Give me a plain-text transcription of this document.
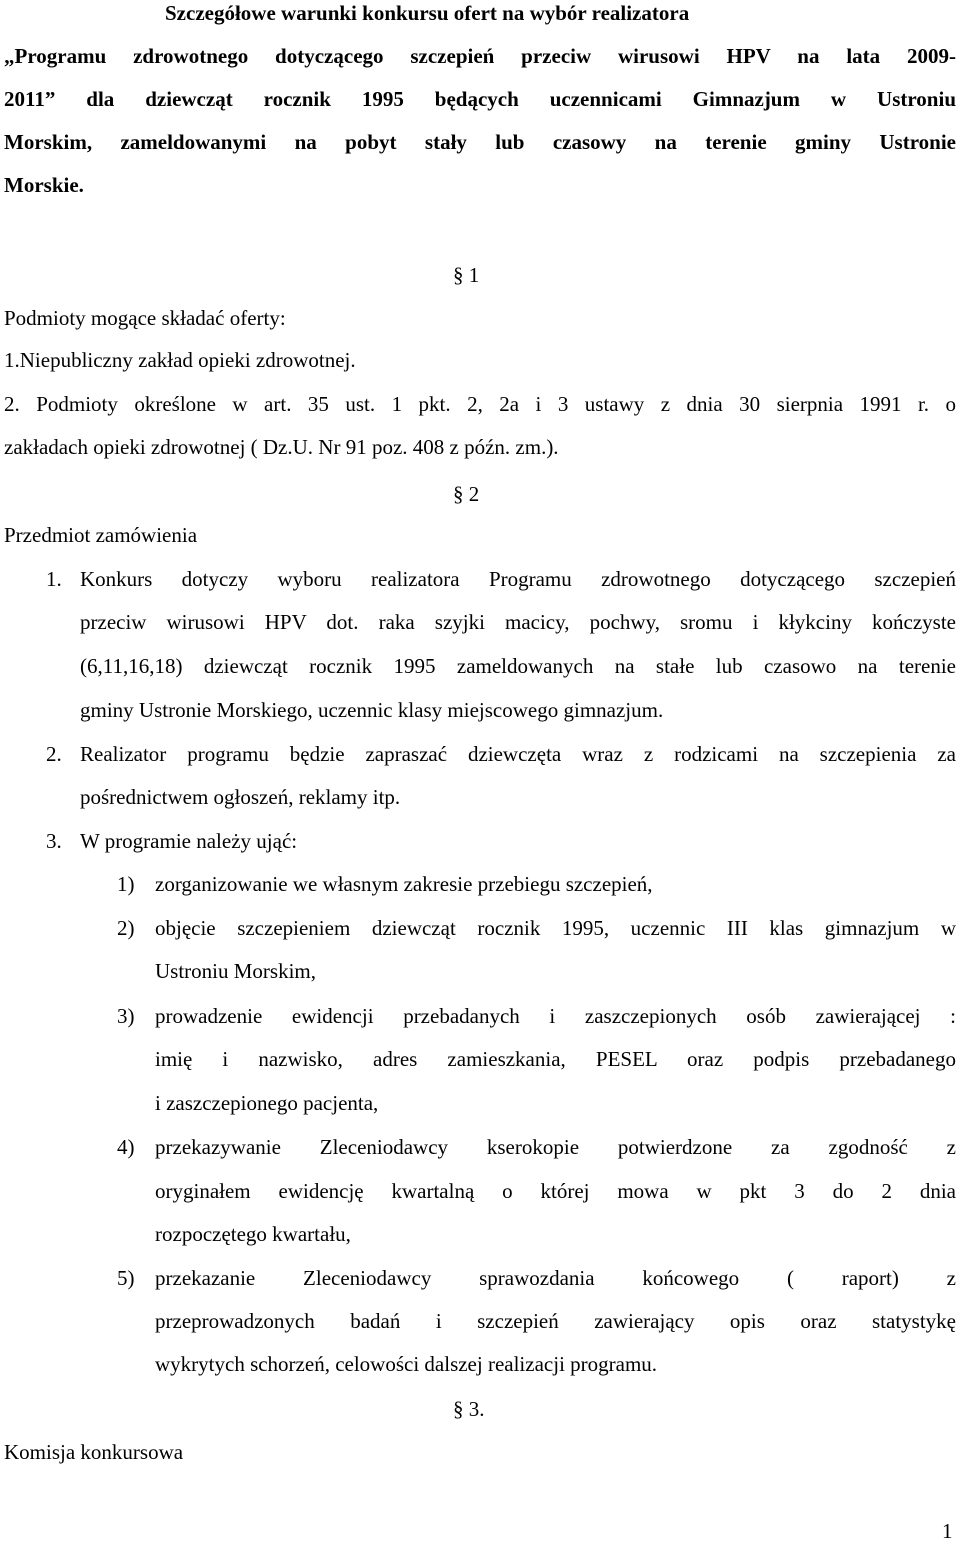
Szczegółowe warunki konkursu ofert na wybór realizatora
„Programu zdrowotnego dotyczącego szczepień przeciw wirusowi HPV na lata 2009-
2011” dla dziewcząt rocznik 1995 będących uczennicami Gimnazjum w Ustroniu
Morskim, zameldowanymi na pobyt stały lub czasowy na terenie gminy Ustronie
Morskie.
§ 1
Podmioty mogące składać oferty:
1.Niepubliczny zakład opieki zdrowotnej.
2. Podmioty określone w art. 35 ust. 1 pkt. 2, 2a i 3 ustawy z dnia 30 sierpnia 1991 r. o
zakładach opieki zdrowotnej ( Dz.U. Nr 91 poz. 408 z późn. zm.).
§ 2
Przedmiot zamówienia
1. Konkurs dotyczy wyboru realizatora Programu zdrowotnego dotyczącego szczepień
przeciw wirusowi HPV dot. raka szyjki macicy, pochwy, sromu i kłykciny kończyste
(6,11,16,18) dziewcząt rocznik 1995 zameldowanych na stałe lub czasowo na terenie
gminy Ustronie Morskiego, uczennic klasy miejscowego gimnazjum.
2. Realizator programu będzie zapraszać dziewczęta wraz z rodzicami na szczepienia za
pośrednictwem ogłoszeń, reklamy itp.
3. W programie należy ująć:
1) zorganizowanie we własnym zakresie przebiegu szczepień,
2) objęcie szczepieniem dziewcząt rocznik 1995, uczennic III klas gimnazjum w
Ustroniu Morskim,
3) prowadzenie ewidencji przebadanych i zaszczepionych osób zawierającej :
imię i nazwisko, adres zamieszkania, PESEL oraz podpis przebadanego
i zaszczepionego pacjenta,
4) przekazywanie Zleceniodawcy kserokopie potwierdzone za zgodność z
oryginałem ewidencję kwartalną o której mowa w pkt 3 do 2 dnia
rozpoczętego kwartału,
5) przekazanie Zleceniodawcy sprawozdania końcowego ( raport) z
przeprowadzonych badań i szczepień zawierający opis oraz statystykę
wykrytych schorzeń, celowości dalszej realizacji programu.
§ 3.
Komisja konkursowa
1
